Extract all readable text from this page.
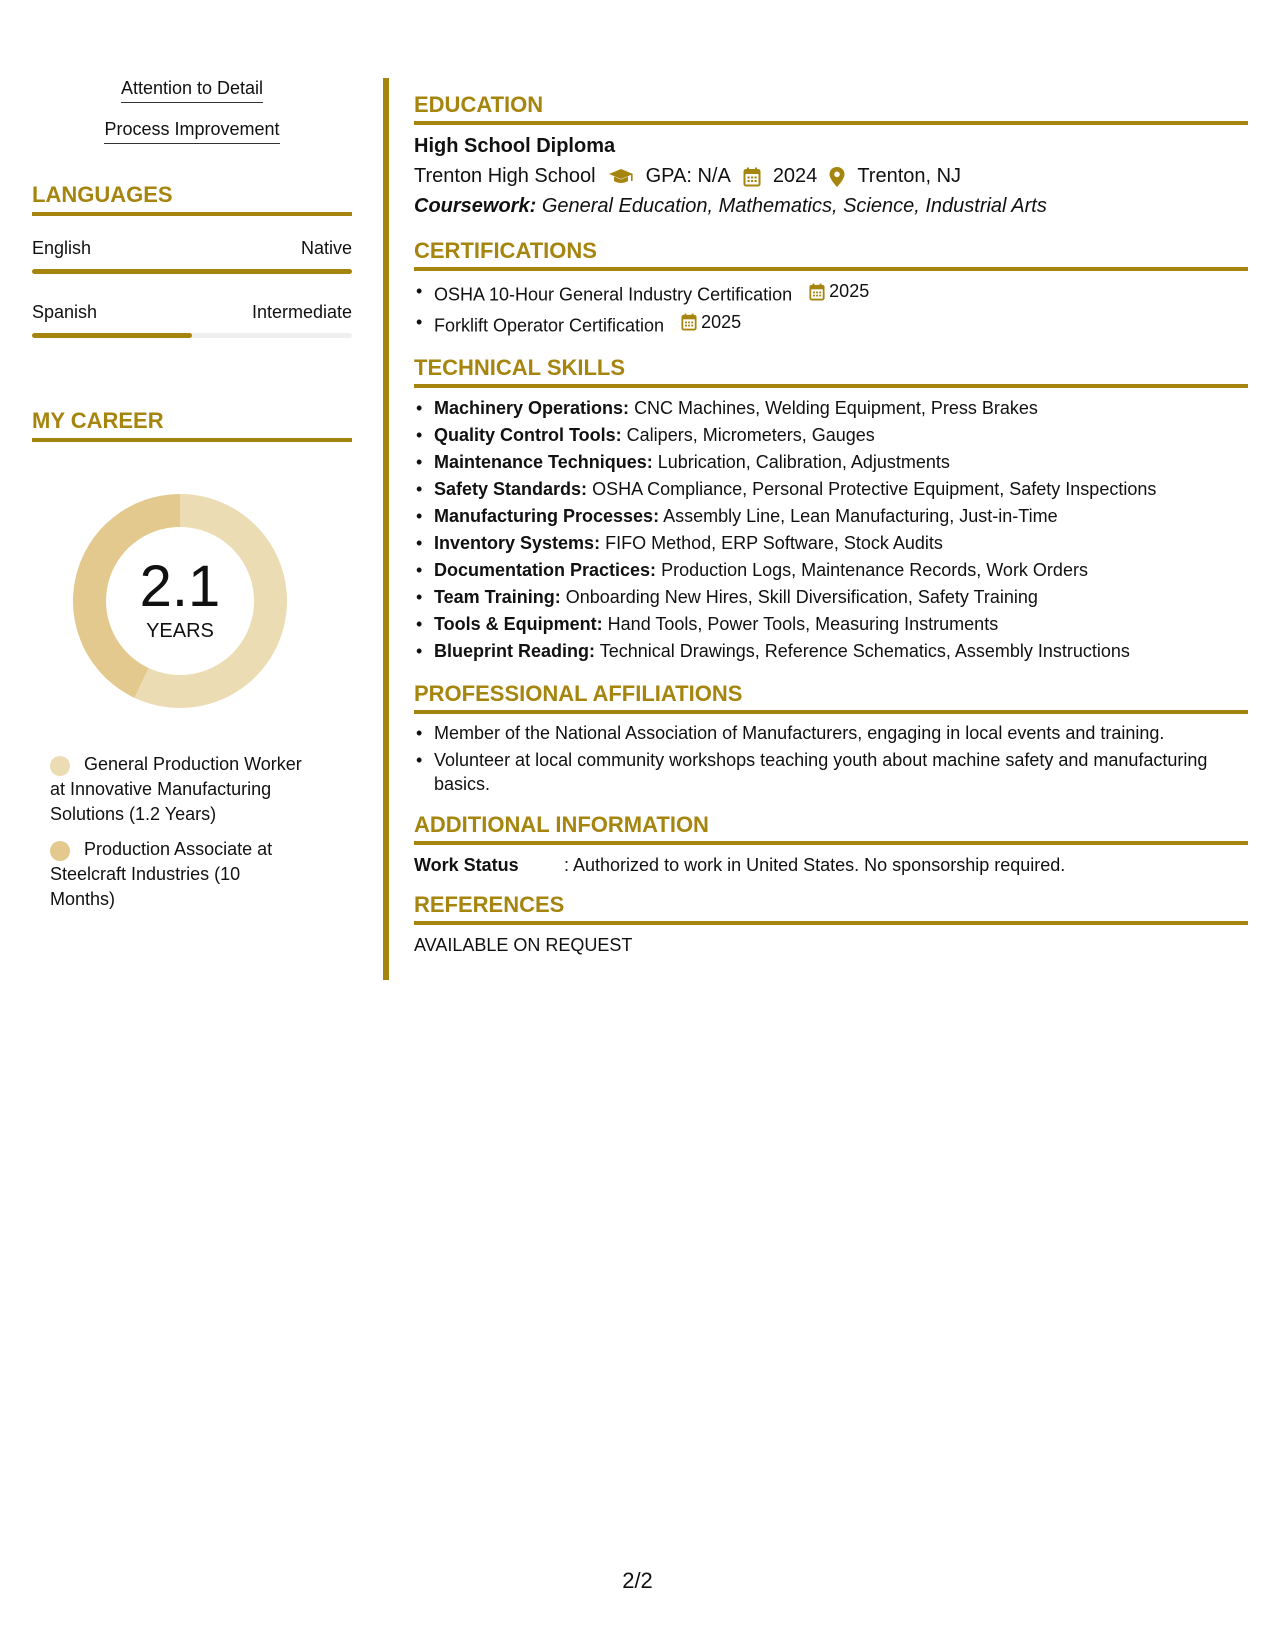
Attention to Detail
Process Improvement
LANGUAGES
English	Native
Spanish	Intermediate
MY CAREER
2.1
YEARS
General Production Worker at Innovative Manufacturing Solutions (1.2 Years)
Production Associate at Steelcraft Industries (10 Months)
EDUCATION
High School Diploma
Trenton High School	GPA: N/A 2024 Trenton, NJ
Coursework: General Education, Mathematics, Science, Industrial Arts
CERTIFICATIONS
• OSHA 10-Hour General Industry Certification 2025
• Forklift Operator Certification 2025
TECHNICAL SKILLS
• Machinery Operations: CNC Machines, Welding Equipment, Press Brakes
• Quality Control Tools: Calipers, Micrometers, Gauges
• Maintenance Techniques: Lubrication, Calibration, Adjustments
• Safety Standards: OSHA Compliance, Personal Protective Equipment, Safety Inspections
• Manufacturing Processes: Assembly Line, Lean Manufacturing, Just-in-Time
• Inventory Systems: FIFO Method, ERP Software, Stock Audits
• Documentation Practices: Production Logs, Maintenance Records, Work Orders
• Team Training: Onboarding New Hires, Skill Diversification, Safety Training
• Tools & Equipment: Hand Tools, Power Tools, Measuring Instruments
• Blueprint Reading: Technical Drawings, Reference Schematics, Assembly Instructions
PROFESSIONAL AFFILIATIONS
• Member of the National Association of Manufacturers, engaging in local events and training.
• Volunteer at local community workshops teaching youth about machine safety and manufacturing basics.
ADDITIONAL INFORMATION
Work Status	: Authorized to work in United States. No sponsorship required.
REFERENCES
AVAILABLE ON REQUEST
2/2
